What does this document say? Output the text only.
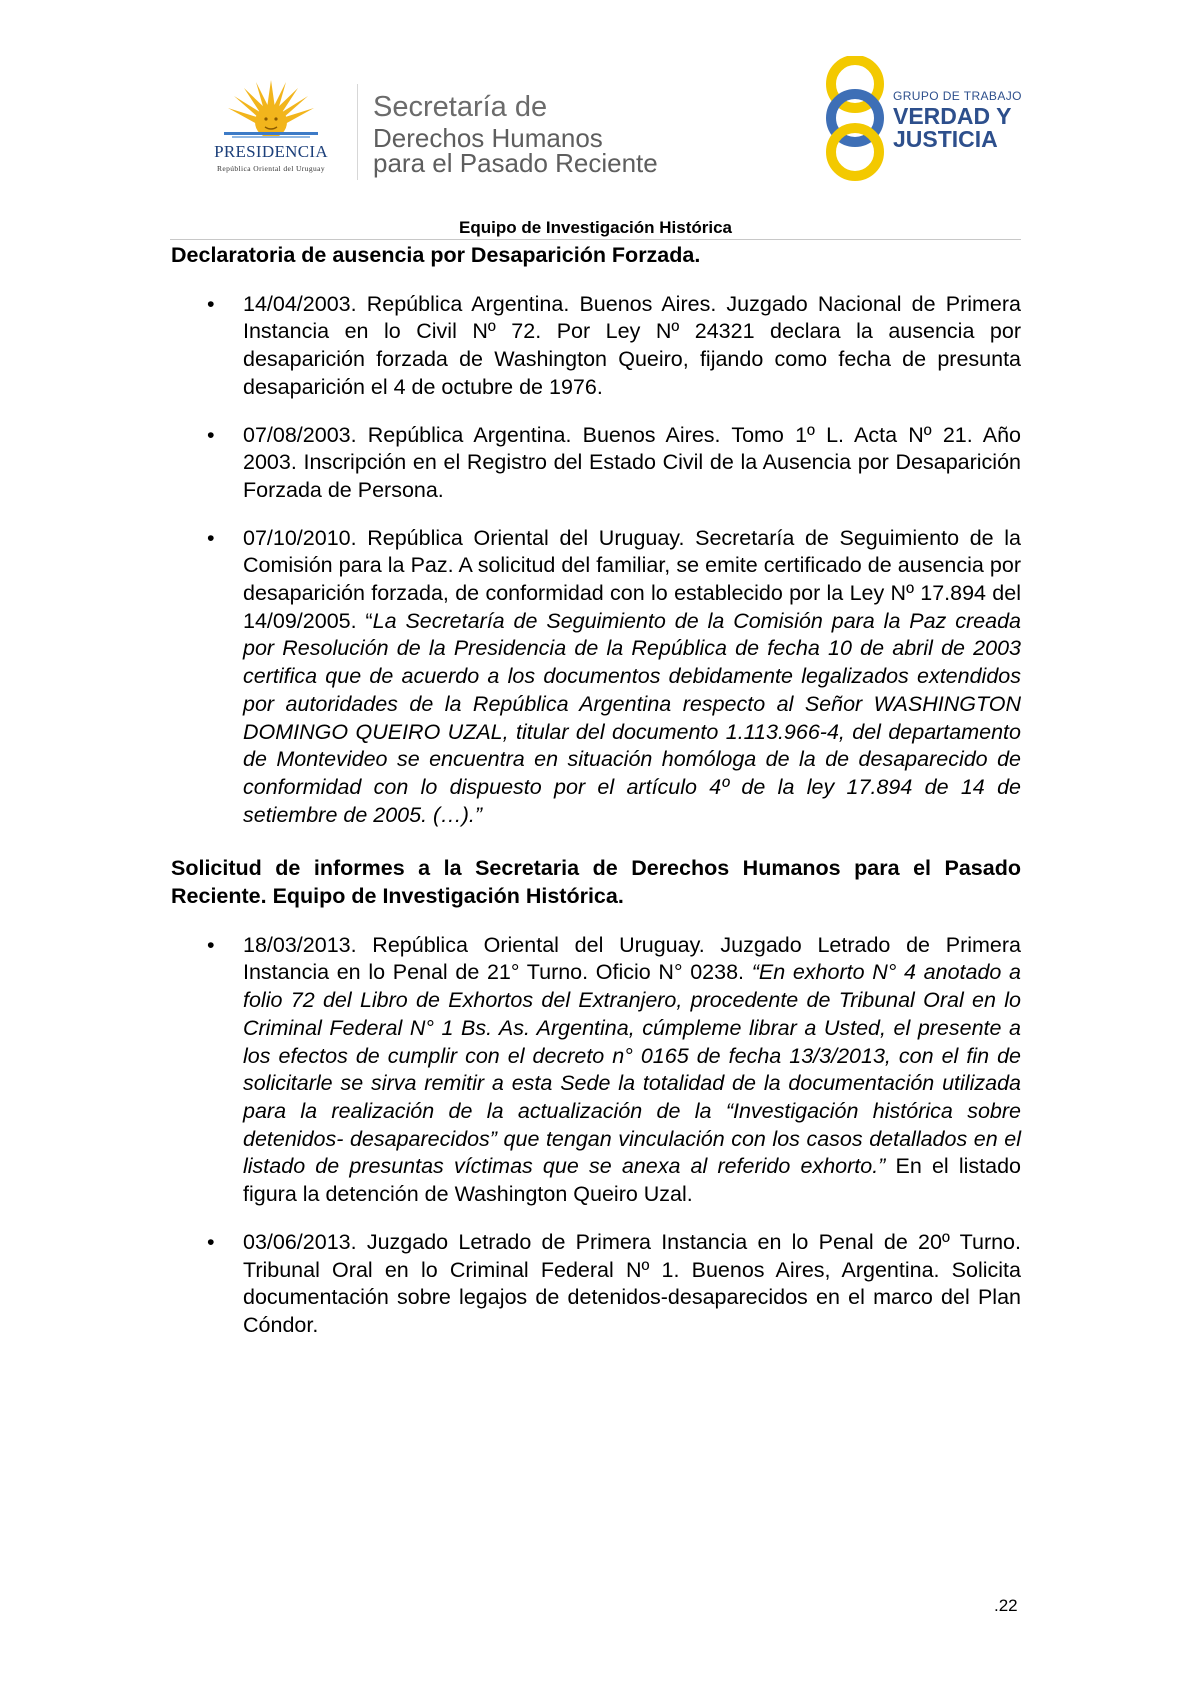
PRESIDENCIA
República Oriental del Uruguay
Secretaría de
Derechos Humanos
para el Pasado Reciente
GRUPO DE TRABAJO
VERDAD Y
JUSTICIA
Equipo de Investigación Histórica

Declaratoria de ausencia por Desaparición Forzada.

• 14/04/2003. República Argentina. Buenos Aires. Juzgado Nacional de Primera Instancia en lo Civil Nº 72. Por Ley Nº 24321 declara la ausencia por desaparición forzada de Washington Queiro, fijando como fecha de presunta desaparición el 4 de octubre de 1976.
• 07/08/2003. República Argentina. Buenos Aires. Tomo 1º L. Acta Nº 21. Año 2003. Inscripción en el Registro del Estado Civil de la Ausencia por Desaparición Forzada de Persona.
• 07/10/2010. República Oriental del Uruguay. Secretaría de Seguimiento de la Comisión para la Paz. A solicitud del familiar, se emite certificado de ausencia por desaparición forzada, de conformidad con lo establecido por la Ley Nº 17.894 del 14/09/2005. “La Secretaría de Seguimiento de la Comisión para la Paz creada por Resolución de la Presidencia de la República de fecha 10 de abril de 2003 certifica que de acuerdo a los documentos debidamente legalizados extendidos por autoridades de la República Argentina respecto al Señor WASHINGTON DOMINGO QUEIRO UZAL, titular del documento 1.113.966-4, del departamento de Montevideo se encuentra en situación homóloga de la de desaparecido de conformidad con lo dispuesto por el artículo 4º de la ley 17.894 de 14 de setiembre de 2005. (…).”

Solicitud de informes a la Secretaria de Derechos Humanos para el Pasado Reciente. Equipo de Investigación Histórica.

• 18/03/2013. República Oriental del Uruguay. Juzgado Letrado de Primera Instancia en lo Penal de 21° Turno. Oficio N° 0238. “En exhorto N° 4 anotado a folio 72 del Libro de Exhortos del Extranjero, procedente de Tribunal Oral en lo Criminal Federal N° 1 Bs. As. Argentina, cúmpleme librar a Usted, el presente a los efectos de cumplir con el decreto n° 0165 de fecha 13/3/2013, con el fin de solicitarle se sirva remitir a esta Sede la totalidad de la documentación utilizada para la realización de la actualización de la “Investigación histórica sobre detenidos- desaparecidos” que tengan vinculación con los casos detallados en el listado de presuntas víctimas que se anexa al referido exhorto.” En el listado figura la detención de Washington Queiro Uzal.
• 03/06/2013. Juzgado Letrado de Primera Instancia en lo Penal de 20º Turno. Tribunal Oral en lo Criminal Federal Nº 1. Buenos Aires, Argentina. Solicita documentación sobre legajos de detenidos-desaparecidos en el marco del Plan Cóndor.
.22
